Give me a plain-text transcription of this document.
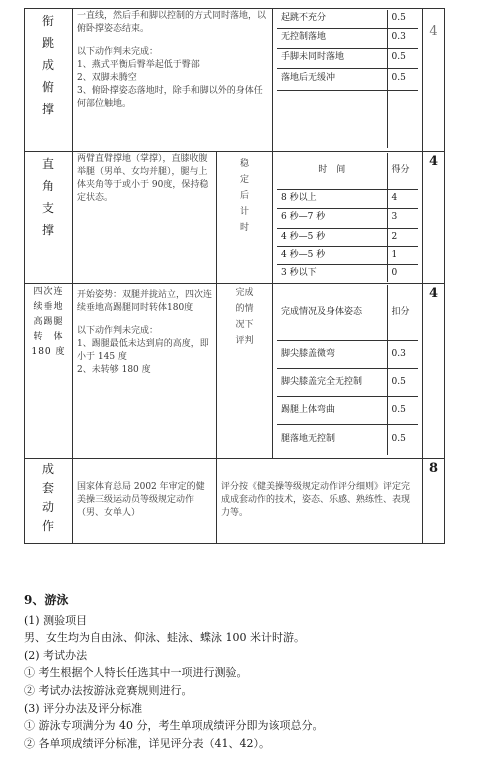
衔
跳
成
俯
撑

一直线，然后手和脚以控制的方式同时落地，以俯卧撑姿态结束。

以下动作判未完成：

1、燕式平衡后臀举起低于臀部

2、双脚未腾空

3、俯卧撑姿态落地时，除手和脚以外的身体任何部位触地。

起跳不充分	0.5
无控制落地	0.3
手脚未同时落地	0.5
落地后无缓冲	0.5

	4

直
角
支
撑

两臂直臂撑地（掌撑），直膝收腹举腿（男单、女均并腿），腿与上体夹角等于或小于 90度，保持稳定状态。

稳
定
后
计
时

时　间	得分
8 秒以上	4
6 秒—7 秒	3
4 秒—5 秒	2
4 秒—5 秒	1
3 秒以下	0
	4

四次连
续垂地
高踢腿
转　体
180 度

开始姿势：双腿并拢站立，四次连续垂地高踢腿同时转体180度

以下动作判未完成：

1、踢腿最低未达到肩的高度，即小于 145 度

2、未转够 180 度

完成
的情
况下
评判

完成情况及身体姿态	扣分
脚尖膝盖微弯	0.3
脚尖膝盖完全无控制	0.5
踢腿上体弯曲	0.5
腿落地无控制	0.5
	4

成
套
动
作

国家体育总局 2002 年审定的健美操三级运动员等级规定动作（男、女单人）

	评分按《健美操等级规定动作评分细则》评定完成成套动作的技术，姿态、乐感、熟练性、表现力等。	8
9、游泳

(1) 测验项目

男、女生均为自由泳、仰泳、蛙泳、蝶泳 100 米计时游。

(2) 考试办法

① 考生根据个人特长任选其中一项进行测验。

② 考试办法按游泳竞赛规则进行。

(3) 评分办法及评分标准

① 游泳专项满分为 40 分，考生单项成绩评分即为该项总分。

② 各单项成绩评分标准，详见评分表（41、42）。
